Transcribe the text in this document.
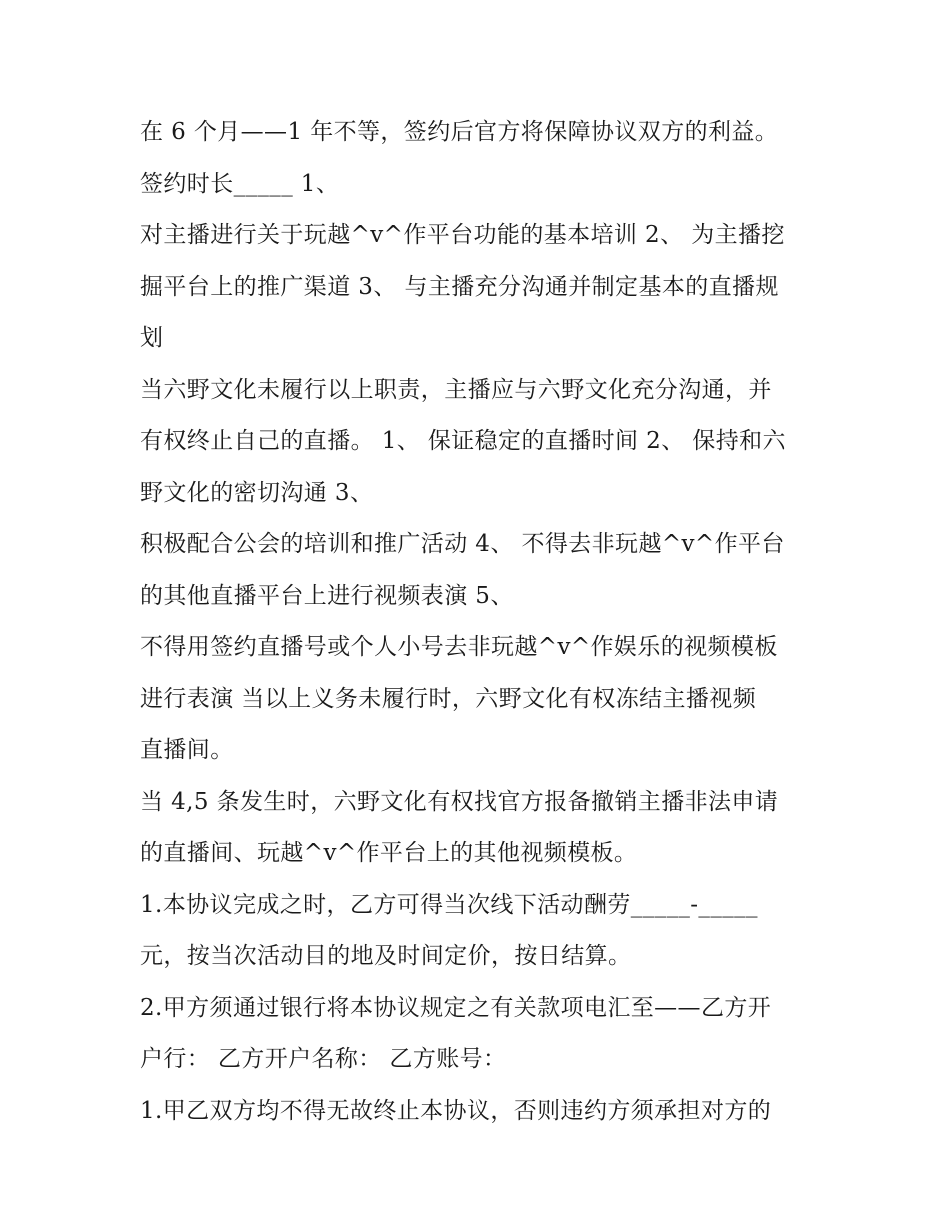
在 6 个月——1 年不等，签约后官方将保障协议双方的利益。
签约时长_____ 1、
对主播进行关于玩越^v^作平台功能的基本培训 2、 为主播挖
掘平台上的推广渠道 3、 与主播充分沟通并制定基本的直播规
划
当六野文化未履行以上职责，主播应与六野文化充分沟通，并
有权终止自己的直播。 1、 保证稳定的直播时间 2、 保持和六
野文化的密切沟通 3、
积极配合公会的培训和推广活动 4、 不得去非玩越^v^作平台
的其他直播平台上进行视频表演 5、
不得用签约直播号或个人小号去非玩越^v^作娱乐的视频模板
进行表演 当以上义务未履行时，六野文化有权冻结主播视频
直播间。
当 4,5 条发生时，六野文化有权找官方报备撤销主播非法申请
的直播间、玩越^v^作平台上的其他视频模板。
1.本协议完成之时，乙方可得当次线下活动酬劳_____-_____
元，按当次活动目的地及时间定价，按日结算。
2.甲方须通过银行将本协议规定之有关款项电汇至——乙方开
户行： 乙方开户名称： 乙方账号：
1.甲乙双方均不得无故终止本协议，否则违约方须承担对方的
